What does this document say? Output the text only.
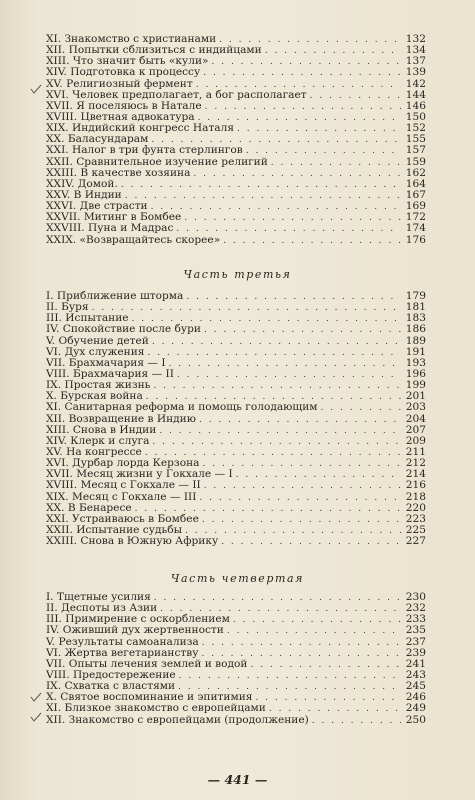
XI. Знакомство с христианами . . .	132
XII. Попытки сблизиться с индийцами . . .	134
XIII. Что значит быть «кули» . . .	137
XIV. Подготовка к процессу . . .	139
XV. Религиозный фермент . . .	142
XVI. Человек предполагает, а бог располагает . . .	144
XVII. Я поселяюсь в Натале . . .	146
XVIII. Цветная адвокатура . . .	150
XIX. Индийский конгресс Наталя . . .	152
XX. Баласундарам . . .	155
XXI. Налог в три фунта стерлингов . . .	157
XXII. Сравнительное изучение религий . . .	159
XXIII. В качестве хозяина . . .	162
XXIV. Домой. . . .	164
XXV. В Индии . . .	167
XXVI. Две страсти . . .	169
XXVII. Митинг в Бомбее . . .	172
XXVIII. Пуна и Мадрас . . .	174
XXIX. «Возвращайтесь скорее» . . .	176
Часть третья
I. Приближение шторма . . .	179
II. Буря . . .	181
III. Испытание . . .	183
IV. Спокойствие после бури . . .	186
V. Обучение детей . . .	189
VI. Дух служения . . .	191
VII. Брахмачария — I . . .	193
VIII. Брахмачария — II . . .	196
IX. Простая жизнь . . .	199
X. Бурская война . . .	201
XI. Санитарная реформа и помощь голодающим . . .	203
XII. Возвращение в Индию . . .	204
XIII. Снова в Индии . . .	207
XIV. Клерк и слуга . . .	209
XV. На конгрессе . . .	211
XVI. Дурбар лорда Керзона . . .	212
XVII. Месяц жизни у Гокхале — I . . .	214
XVIII. Месяц с Гокхале — II . . .	216
XIX. Месяц с Гокхале — III . . .	218
XX. В Бенаресе . . .	220
XXI. Устраиваюсь в Бомбее . . .	223
XXII. Испытание судьбы . . .	225
XXIII. Снова в Южную Африку . . .	227
Часть четвертая
I. Тщетные усилия . . .	230
II. Деспоты из Азии . . .	232
III. Примирение с оскорблением . . .	233
IV. Оживший дух жертвенности . . .	235
V. Результаты самоанализа . . .	237
VI. Жертва вегетарианству . . .	239
VII. Опыты лечения землей и водой . . .	241
VIII. Предостережение . . .	243
IX. Схватка с властями . . .	245
X. Святое воспоминание и эпитимия . . .	246
XI. Близкое знакомство с европейцами . . .	249
XII. Знакомство с европейцами (продолжение) . . .	250
— 441 —
